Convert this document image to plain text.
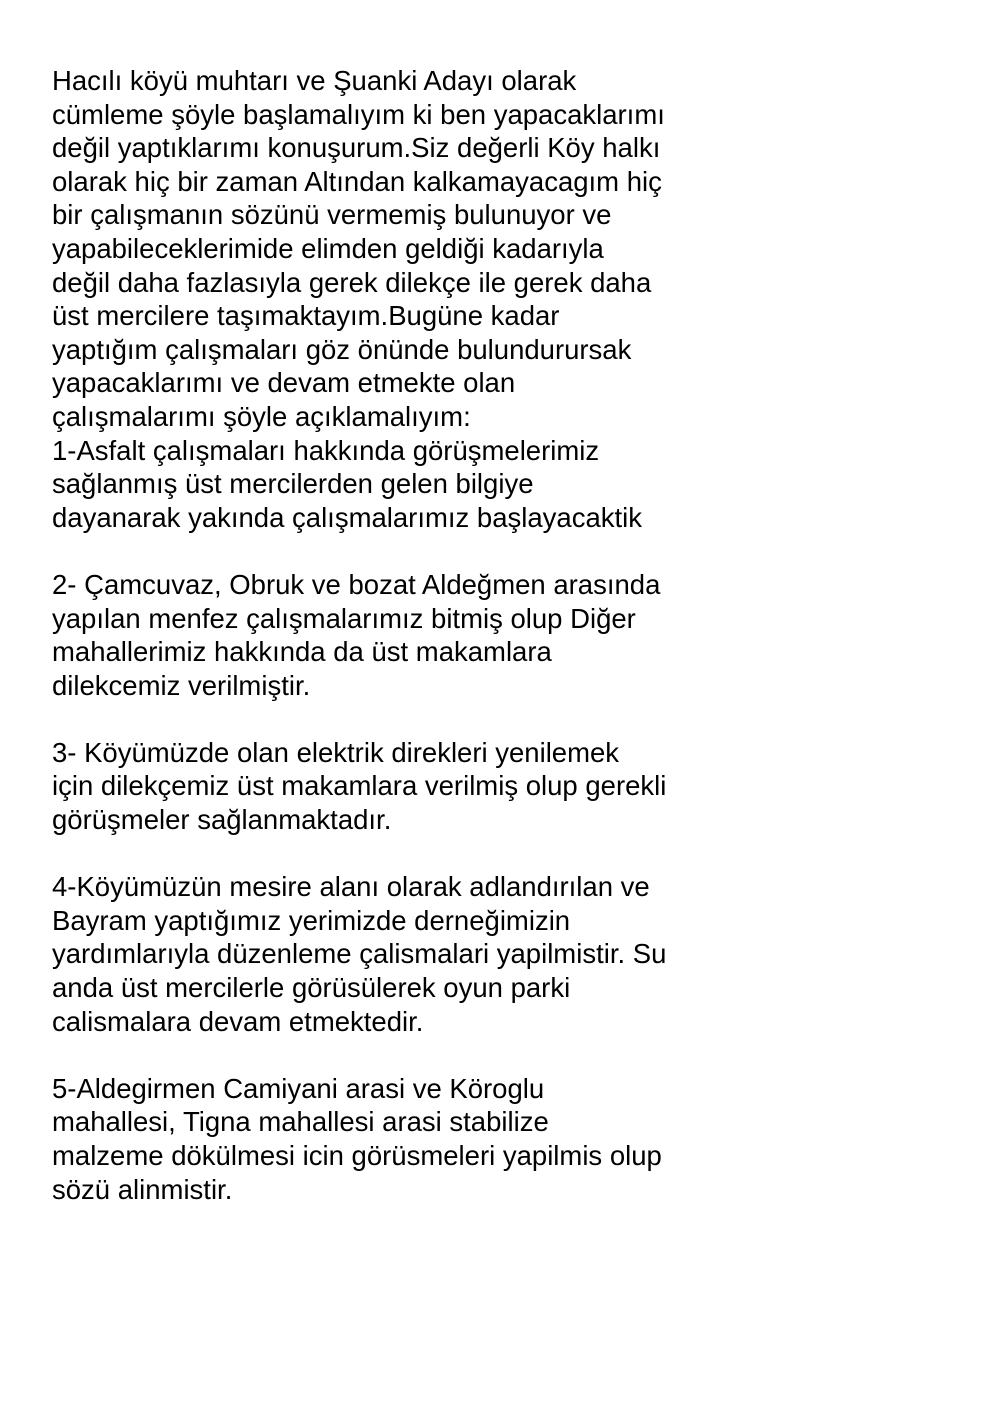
Hacılı köyü muhtarı ve Şuanki Adayı olarak
cümleme şöyle başlamalıyım ki ben yapacaklarımı
değil yaptıklarımı konuşurum.Siz değerli Köy halkı
olarak hiç bir zaman Altından kalkamayacagım hiç
bir çalışmanın sözünü vermemiş bulunuyor ve
yapabileceklerimide elimden geldiği kadarıyla
değil daha fazlasıyla gerek dilekçe ile gerek daha
üst mercilere taşımaktayım.Bugüne kadar
yaptığım çalışmaları göz önünde bulundurursak
yapacaklarımı ve devam etmekte olan
çalışmalarımı şöyle açıklamalıyım:
1-Asfalt çalışmaları hakkında görüşmelerimiz
sağlanmış üst mercilerden gelen bilgiye
dayanarak yakında çalışmalarımız başlayacaktik
2- Çamcuvaz, Obruk ve bozat Aldeğmen arasında
yapılan menfez çalışmalarımız bitmiş olup Diğer
mahallerimiz hakkında da üst makamlara
dilekcemiz verilmiştir.
3- Köyümüzde olan elektrik direkleri yenilemek
için dilekçemiz üst makamlara verilmiş olup gerekli
görüşmeler sağlanmaktadır.
4-Köyümüzün mesire alanı olarak adlandırılan ve
Bayram yaptığımız yerimizde derneğimizin
yardımlarıyla düzenleme çalismalari yapilmistir. Su
anda üst mercilerle görüsülerek oyun parki
calismalara devam etmektedir.
5-Aldegirmen Camiyani arasi ve Köroglu
mahallesi, Tigna mahallesi arasi stabilize
malzeme dökülmesi icin görüsmeleri yapilmis olup
sözü alinmistir.
